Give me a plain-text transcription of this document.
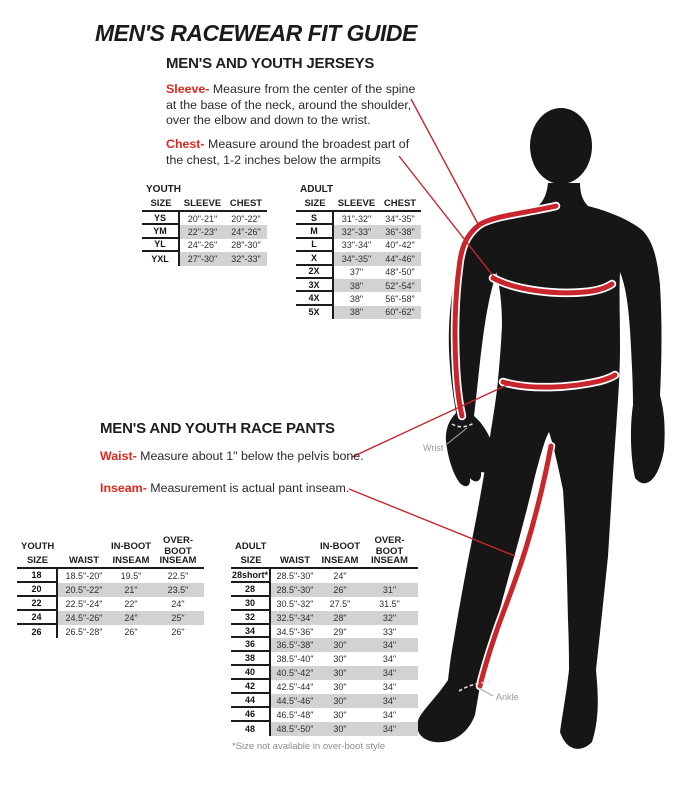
Wrist
Ankle
MEN'S RACEWEAR FIT GUIDE
MEN'S AND YOUTH JERSEYS

Sleeve- Measure from the center of the spine at the base of the neck, around the shoulder, over the elbow and down to the wrist.

Chest- Measure around the broadest part of the chest, 1-2 inches below the armpits

YOUTH
SIZE	SLEEVE CHEST
YS	20"-21"	20"-22"
YM	22"-23"	24"-26"
YL	24"-26"	28"-30"
YXL	27"-30"	32"-33"
ADULT
SIZE	SLEEVE CHEST
S	31"-32"	34"-35"
M	32"-33"	36"-38"
L	33"-34"	40"-42"
X	34"-35"	44"-46"
2X	37"	48"-50"
3X	38"	52"-54"
4X	38"	56"-58"
5X	38"	60"-62"
MEN'S AND YOUTH RACE PANTS

Waist- Measure about 1" below the pelvis bone.

Inseam- Measurement is actual pant inseam.

YOUTH	IN-BOOT	OVER-BOOT
SIZE	WAIST	INSEAM	INSEAM
18	18.5"-20"	19.5"	22.5"
20	20.5"-22"	21"	23.5"
22	22.5"-24"	22"	24"
24	24.5"-26"	24"	25"
26	26.5"-28"	26"	26"
ADULT	IN-BOOT	OVER-BOOT
SIZE	WAIST	INSEAM	INSEAM
28short* 28.5"-30"	24"
28	28.5"-30"	26"	31"
30	30.5"-32"	27.5"	31.5"
32	32.5"-34"	28"	32"
34	34.5"-36"	29"	33"
36	36.5"-38"	30"	34"
38	38.5"-40"	30"	34"
40	40.5"-42"	30"	34"
42	42.5"-44"	30"	34"
44	44.5"-46"	30"	34"
46	46.5"-48"	30"	34"
48	48.5"-50"	30"	34"
*Size not available in over-boot style
